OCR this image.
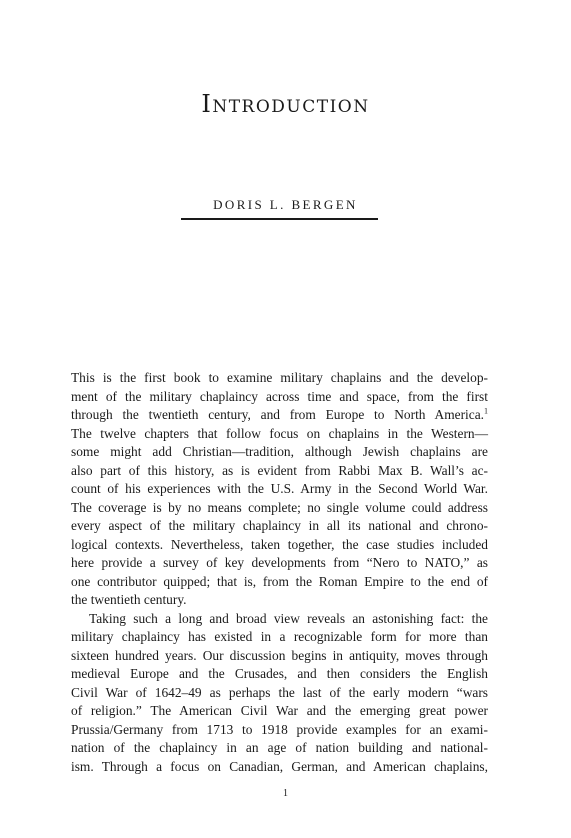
Introduction
DORIS L. BERGEN
This is the first book to examine military chaplains and the develop-
ment of the military chaplaincy across time and space, from the first
through the twentieth century, and from Europe to North America.$^1$
The twelve chapters that follow focus on chaplains in the Western—
some might add Christian—tradition, although Jewish chaplains are
also part of this history, as is evident from Rabbi Max B. Wall’s ac-
count of his experiences with the U.S. Army in the Second World War.
The coverage is by no means complete; no single volume could address
every aspect of the military chaplaincy in all its national and chrono-
logical contexts. Nevertheless, taken together, the case studies included
here provide a survey of key developments from “Nero to NATO,” as
one contributor quipped; that is, from the Roman Empire to the end of
the twentieth century.
Taking such a long and broad view reveals an astonishing fact: the
military chaplaincy has existed in a recognizable form for more than
sixteen hundred years. Our discussion begins in antiquity, moves through
medieval Europe and the Crusades, and then considers the English
Civil War of 1642–49 as perhaps the last of the early modern “wars
of religion.” The American Civil War and the emerging great power
Prussia/Germany from 1713 to 1918 provide examples for an exami-
nation of the chaplaincy in an age of nation building and national-
ism. Through a focus on Canadian, German, and American chaplains,
1
